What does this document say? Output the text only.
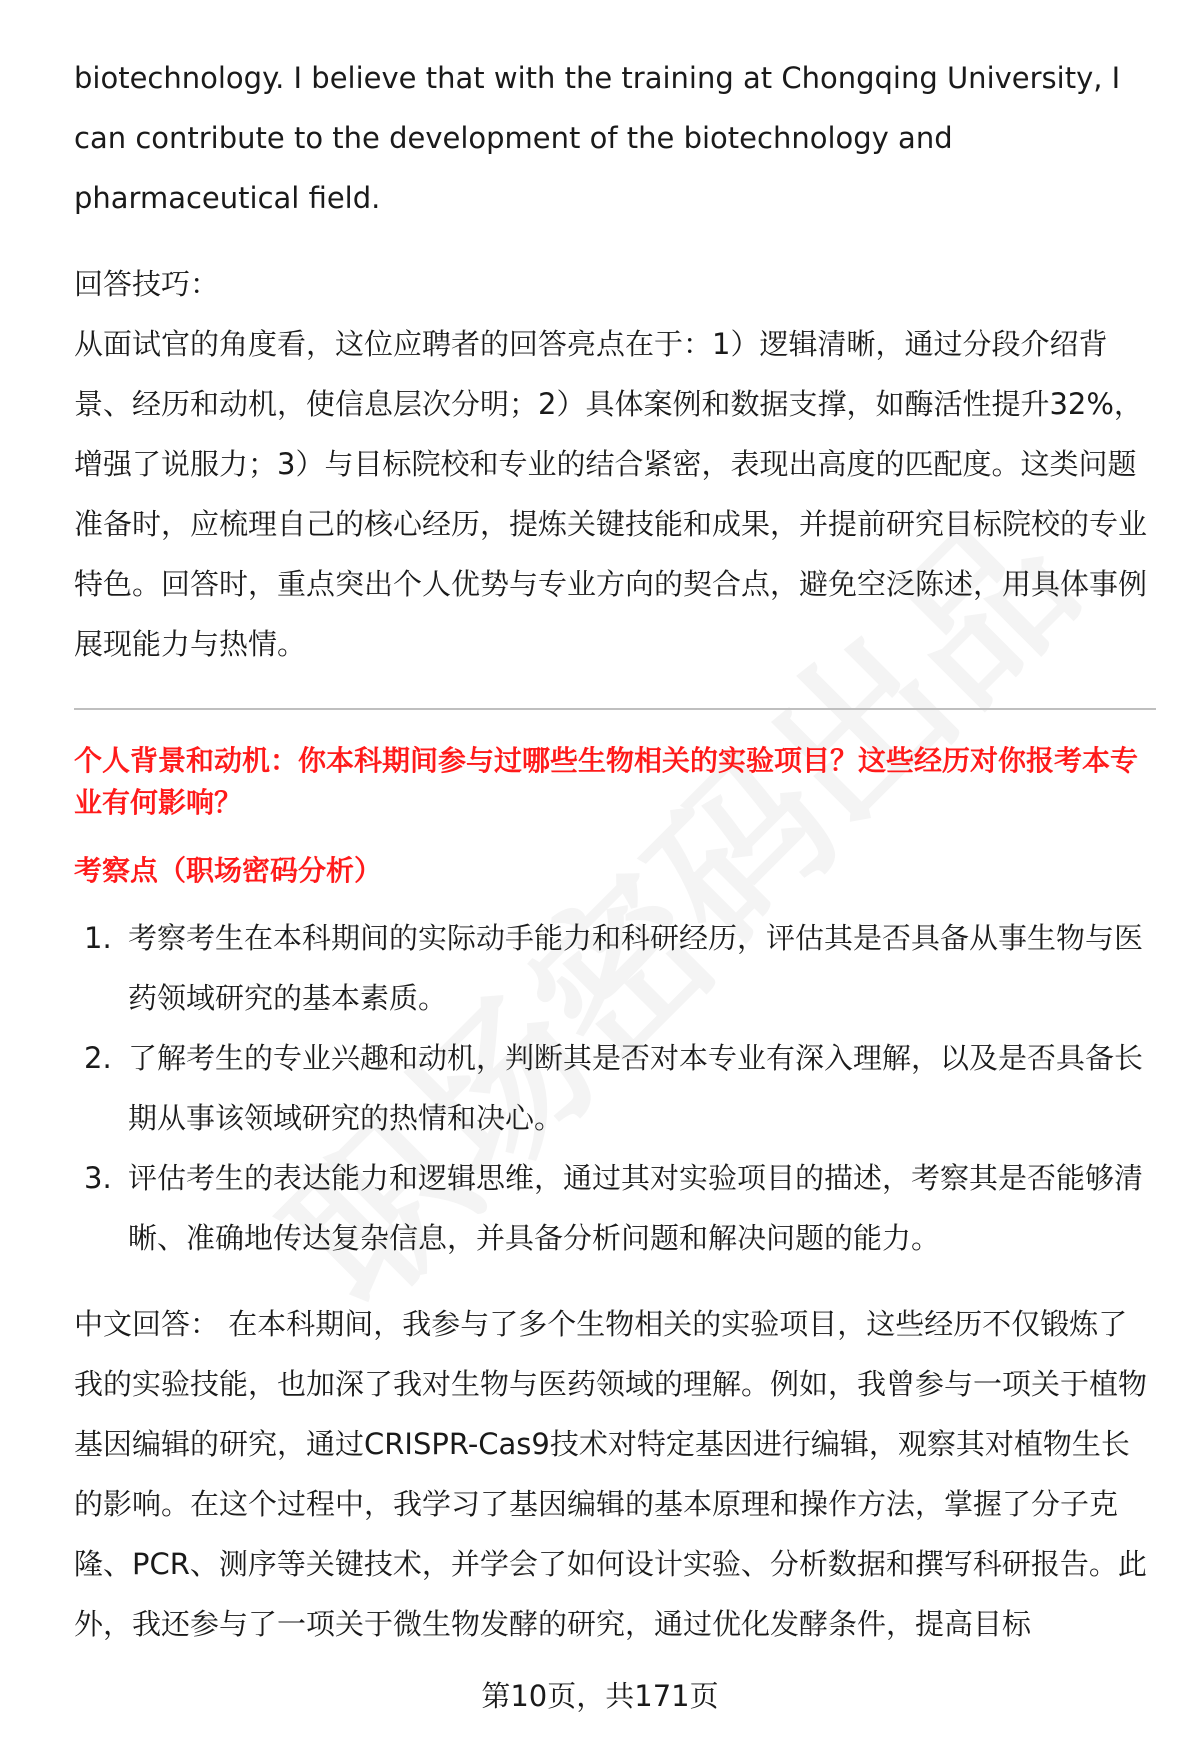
biotechnology. I believe that with the training at Chongqing University, I can contribute to the development of the biotechnology and pharmaceutical field.

回答技巧：

从面试官的角度看，这位应聘者的回答亮点在于：1）逻辑清晰，通过分段介绍背景、经历和动机，使信息层次分明；2）具体案例和数据支撑，如酶活性提升32%，增强了说服力；3）与目标院校和专业的结合紧密，表现出高度的匹配度。这类问题准备时，应梳理自己的核心经历，提炼关键技能和成果，并提前研究目标院校的专业特色。回答时，重点突出个人优势与专业方向的契合点，避免空泛陈述，用具体事例展现能力与热情。

个人背景和动机：你本科期间参与过哪些生物相关的实验项目？这些经历对你报考本专业有何影响？

考察点（职场密码分析）

1. 考察考生在本科期间的实际动手能力和科研经历，评估其是否具备从事生物与医药领域研究的基本素质。
2. 了解考生的专业兴趣和动机，判断其是否对本专业有深入理解，以及是否具备长期从事该领域研究的热情和决心。
3. 评估考生的表达能力和逻辑思维，通过其对实验项目的描述，考察其是否能够清晰、准确地传达复杂信息，并具备分析问题和解决问题的能力。

中文回答： 在本科期间，我参与了多个生物相关的实验项目，这些经历不仅锻炼了我的实验技能，也加深了我对生物与医药领域的理解。例如，我曾参与一项关于植物基因编辑的研究，通过CRISPR-Cas9技术对特定基因进行编辑，观察其对植物生长的影响。在这个过程中，我学习了基因编辑的基本原理和操作方法，掌握了分子克隆、PCR、测序等关键技术，并学会了如何设计实验、分析数据和撰写科研报告。此外，我还参与了一项关于微生物发酵的研究，通过优化发酵条件，提高目标

第10页，共171页
